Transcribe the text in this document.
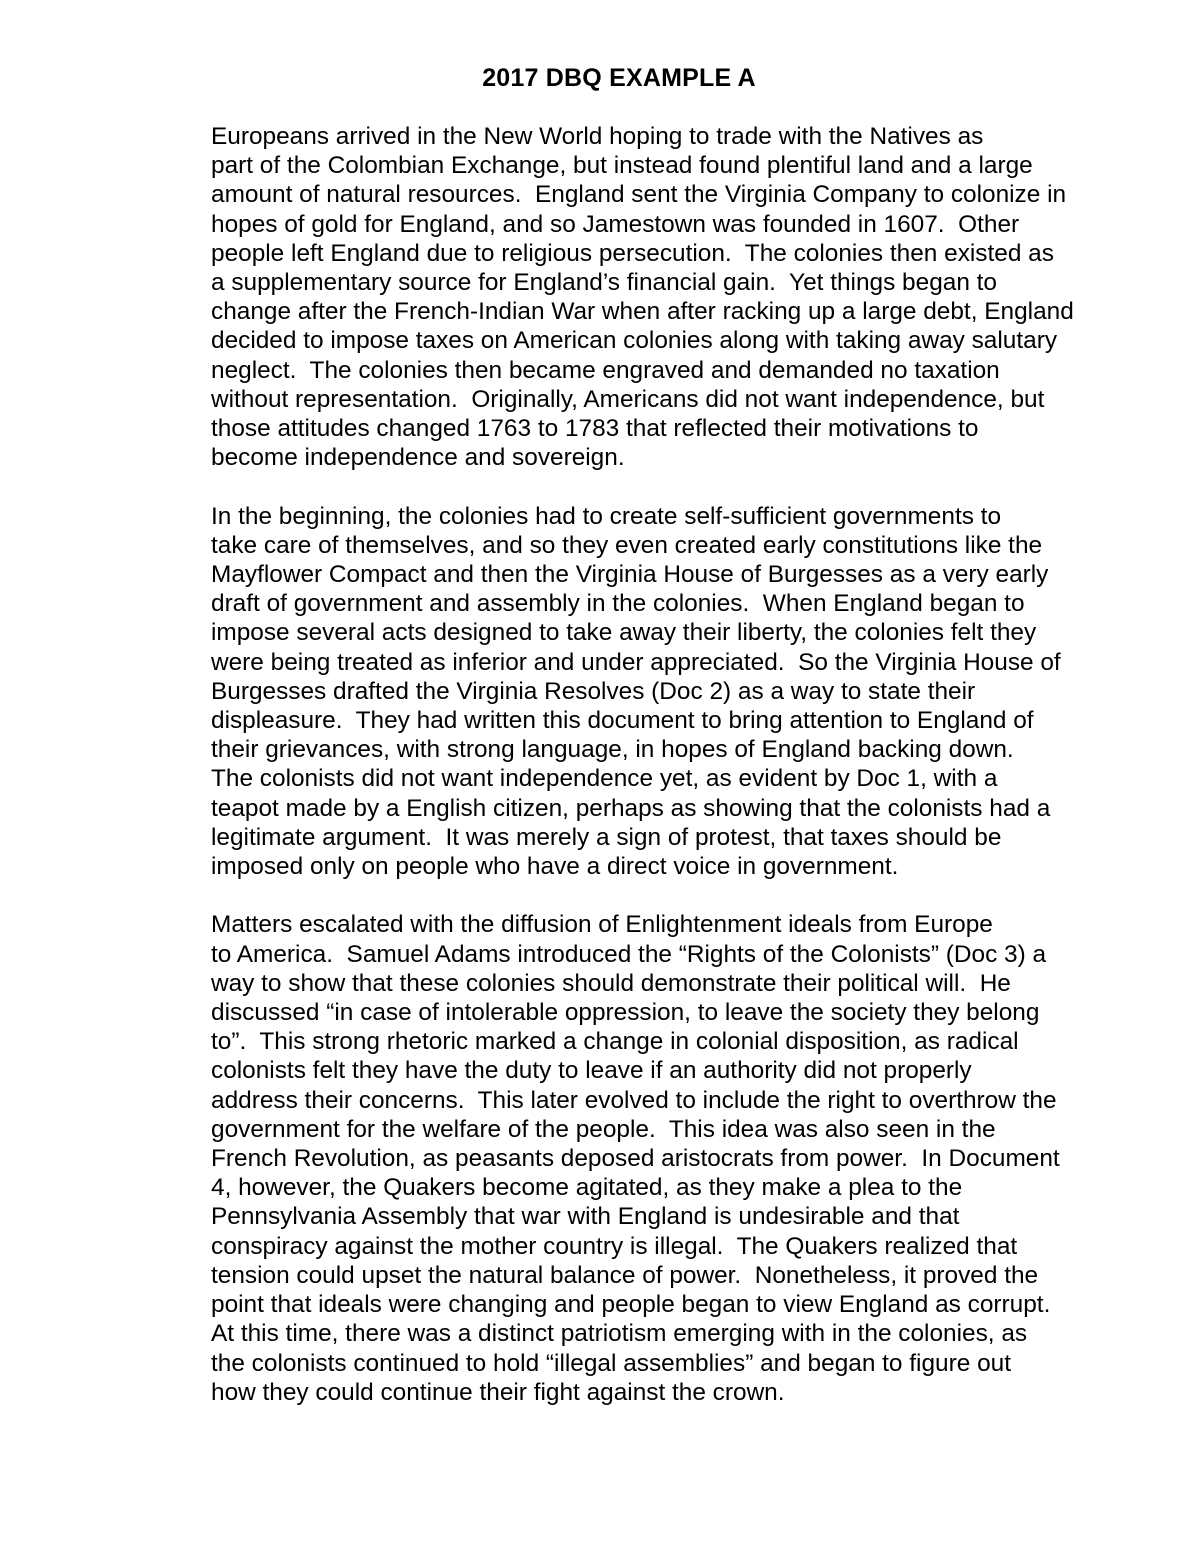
2017 DBQ EXAMPLE A
Europeans arrived in the New World hoping to trade with the Natives as
part of the Colombian Exchange, but instead found plentiful land and a large
amount of natural resources.  England sent the Virginia Company to colonize in
hopes of gold for England, and so Jamestown was founded in 1607.  Other
people left England due to religious persecution.  The colonies then existed as
a supplementary source for England’s financial gain.  Yet things began to
change after the French-Indian War when after racking up a large debt, England
decided to impose taxes on American colonies along with taking away salutary
neglect.  The colonies then became engraved and demanded no taxation
without representation.  Originally, Americans did not want independence, but
those attitudes changed 1763 to 1783 that reflected their motivations to
become independence and sovereign.
In the beginning, the colonies had to create self-sufficient governments to
take care of themselves, and so they even created early constitutions like the
Mayflower Compact and then the Virginia House of Burgesses as a very early
draft of government and assembly in the colonies.  When England began to
impose several acts designed to take away their liberty, the colonies felt they
were being treated as inferior and under appreciated.  So the Virginia House of
Burgesses drafted the Virginia Resolves (Doc 2) as a way to state their
displeasure.  They had written this document to bring attention to England of
their grievances, with strong language, in hopes of England backing down.
The colonists did not want independence yet, as evident by Doc 1, with a
teapot made by a English citizen, perhaps as showing that the colonists had a
legitimate argument.  It was merely a sign of protest, that taxes should be
imposed only on people who have a direct voice in government.
Matters escalated with the diffusion of Enlightenment ideals from Europe
to America.  Samuel Adams introduced the “Rights of the Colonists” (Doc 3) a
way to show that these colonies should demonstrate their political will.  He
discussed “in case of intolerable oppression, to leave the society they belong
to”.  This strong rhetoric marked a change in colonial disposition, as radical
colonists felt they have the duty to leave if an authority did not properly
address their concerns.  This later evolved to include the right to overthrow the
government for the welfare of the people.  This idea was also seen in the
French Revolution, as peasants deposed aristocrats from power.  In Document
4, however, the Quakers become agitated, as they make a plea to the
Pennsylvania Assembly that war with England is undesirable and that
conspiracy against the mother country is illegal.  The Quakers realized that
tension could upset the natural balance of power.  Nonetheless, it proved the
point that ideals were changing and people began to view England as corrupt.
At this time, there was a distinct patriotism emerging with in the colonies, as
the colonists continued to hold “illegal assemblies” and began to figure out
how they could continue their fight against the crown.
